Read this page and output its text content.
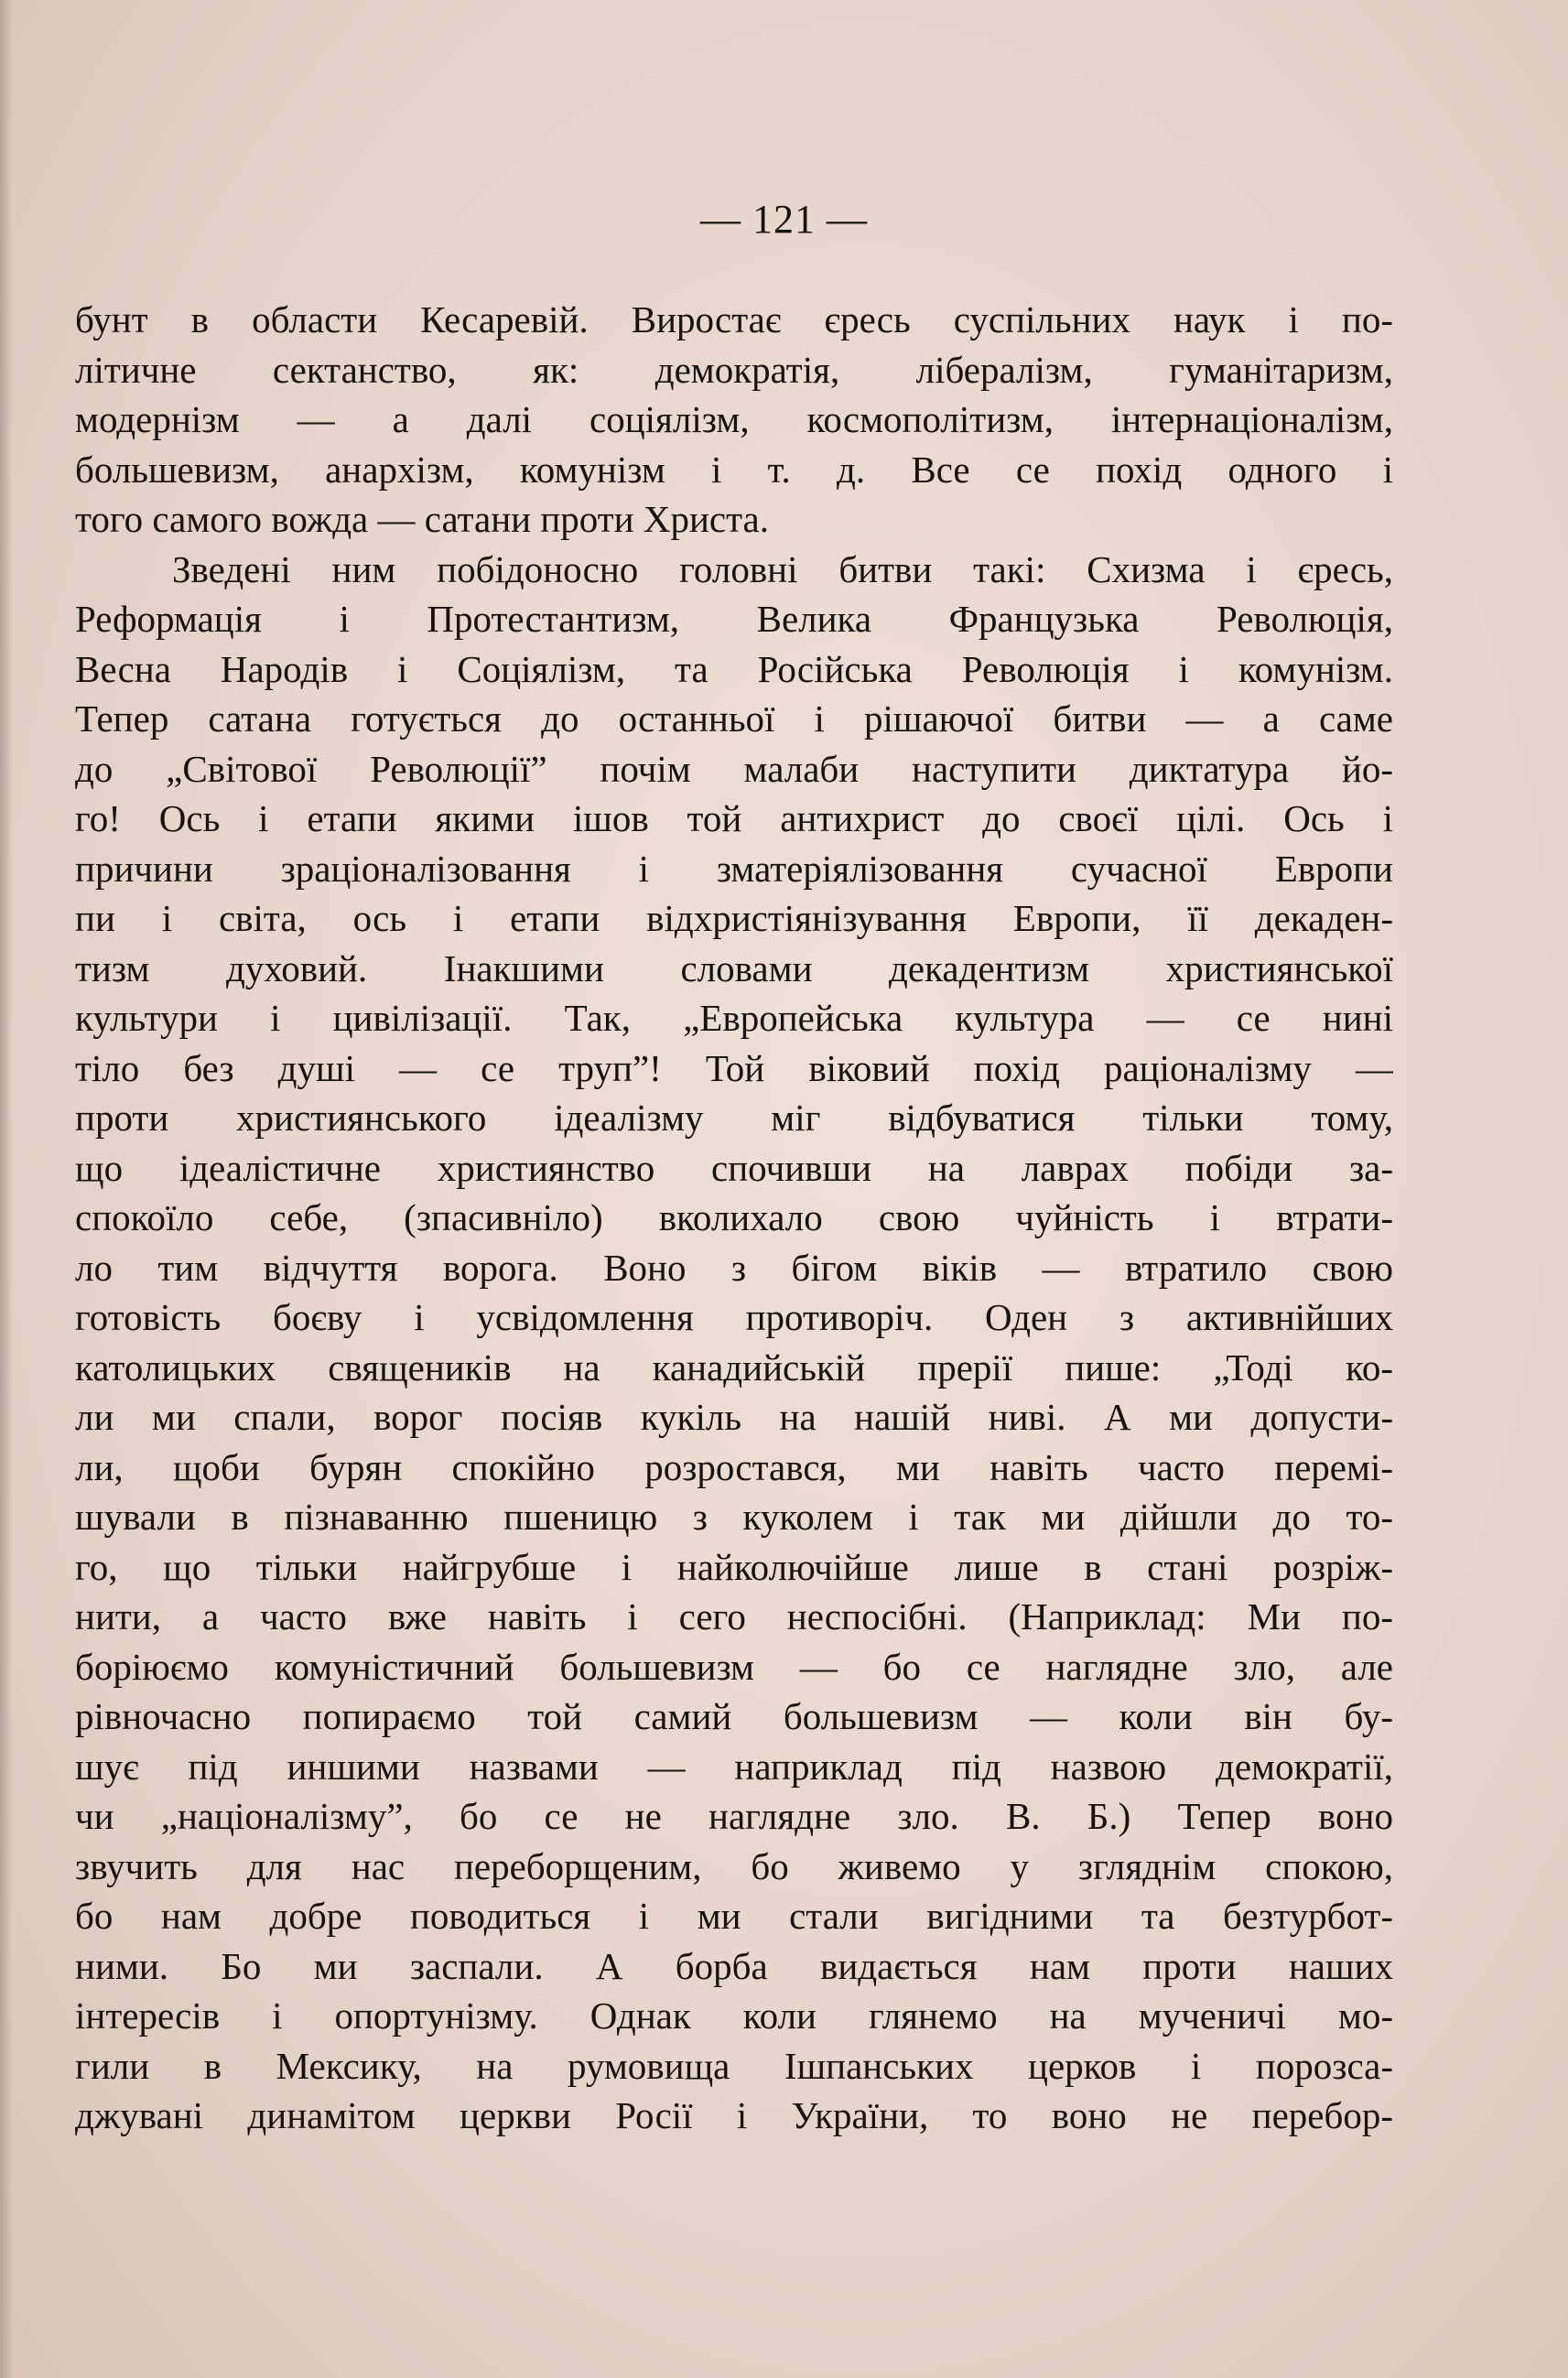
— 121 —
бунт в области Кесаревій. Виростає єресь суспільних наук і по-
літичне сектанство, як: демократія, лібералізм, гуманітаризм,
модернізм — а далі соціялізм, космополітизм, інтернаціоналізм,
большевизм, анархізм, комунізм і т. д. Все се похід одного і
того самого вожда — сатани проти Христа.
Зведені ним побідоносно головні битви такі: Схизма і єресь,
Реформація і Протестантизм, Велика Французька Революція,
Весна Народів і Соціялізм, та Російська Революція і комунізм.
Тепер сатана готується до останньої і рішаючої битви — а саме
до „Світової Революції” почім малаби наступити диктатура йо-
го! Ось і етапи якими ішов той антихрист до своєї цілі. Ось і
причини зраціоналізовання і зматеріялізовання сучасної Европи
пи і світа, ось і етапи відхристіянізування Европи, її декаден-
тизм духовий. Інакшими словами декадентизм християнської
культури і цивілізації. Так, „Европейська культура — се нині
тіло без душі — се труп”! Той віковий похід раціоналізму —
проти християнського ідеалізму міг відбуватися тільки тому,
що ідеалістичне християнство спочивши на лаврах побіди за-
спокоїло себе, (зпасивніло) вколихало свою чуйність і втрати-
ло тим відчуття ворога. Воно з бігом віків — втратило свою
готовість боєву і усвідомлення противоріч. Оден з активнійших
католицьких священиків на канадийській прерії пише: „Тоді ко-
ли ми спали, ворог посіяв кукіль на нашій ниві. А ми допусти-
ли, щоби бурян спокійно розростався, ми навіть часто перемі-
шували в пізнаванню пшеницю з куколем і так ми дійшли до то-
го, що тільки найгрубше і найколючійше лише в стані розріж-
нити, а часто вже навіть і сего неспосібні. (Наприклад: Ми по-
боріюємо комуністичний большевизм — бо се наглядне зло, але
рівночасно попираємо той самий большевизм — коли він бу-
шує під иншими назвами — наприклад під назвою демократії,
чи „націоналізму”, бо се не наглядне зло. В. Б.) Тепер воно
звучить для нас переборщеним, бо живемо у згляднім спокою,
бо нам добре поводиться і ми стали вигідними та безтурбот-
ними. Бо ми заспали. А борба видається нам проти наших
інтересів і опортунізму. Однак коли глянемо на мученичі мо-
гили в Мексику, на румовища Ішпанських церков і порозса-
джувані динамітом церкви Росії і України, то воно не перебор-
